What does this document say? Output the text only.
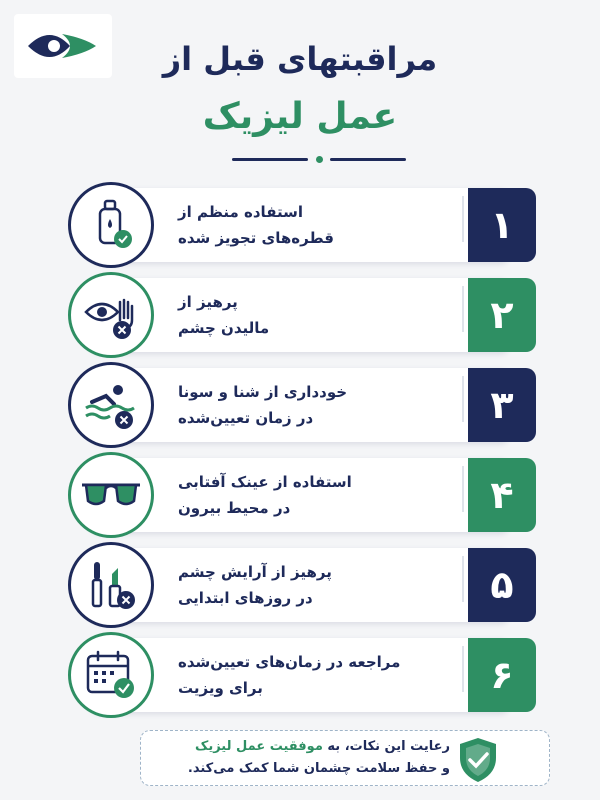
مراقبتهای قبل از
عمل لیزیک
۱
استفاده منظم از
قطره‌های تجویز شده
۲
پرهیز از
مالیدن چشم
۳
خودداری از شنا و سونا
در زمان تعیین‌شده
۴
استفاده از عینک آفتابی
در محیط بیرون
۵
پرهیز از آرایش چشم
در روزهای ابتدایی
۶
مراجعه در زمان‌های تعیین‌شده
برای ویزیت
رعایت این نکات، به موفقیت عمل لیزیک
و حفظ سلامت چشمان شما کمک می‌کند.
